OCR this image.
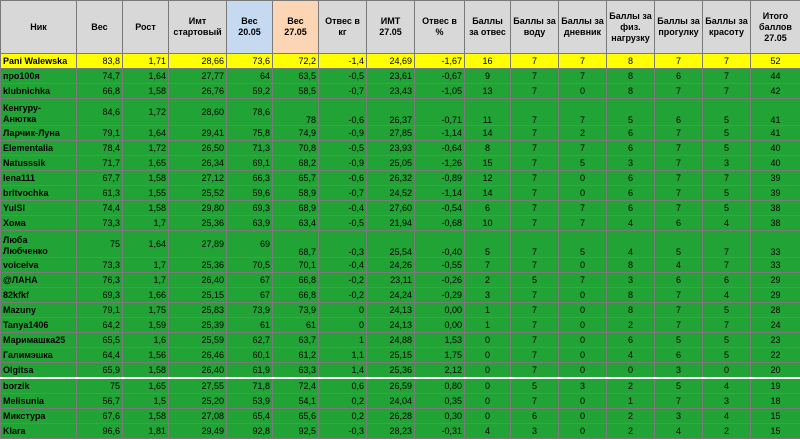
Ник	Вес	Рост	Имт стартовый	Вес 20.05	Вес 27.05	Отвес в кг	ИМТ 27.05	Отвес в %	Баллы за отвес	Баллы за воду	Баллы за дневник	Баллы за физ. нагрузку	Баллы за прогулку	Баллы за красоту	Итого баллов 27.05
Pani Walewska	83,8	1,71	28,66	73,6	72,2	-1,4	24,69	-1,67	16	7	7	8	7	7	52
про100я	74,7	1,64	27,77	64	63,5	-0,5	23,61	-0,67	9	7	7	8	6	7	44
klubnichka	66,8	1,58	26,76	59,2	58,5	-0,7	23,43	-1,05	13	7	0	8	7	7	42
Кенгуру-Анютка	84,6	1,72	28,60	78,6	78	-0,6	26,37	-0,71	11	7	7	5	6	5	41
Ларчик-Луна	79,1	1,64	29,41	75,8	74,9	-0,9	27,85	-1,14	14	7	2	6	7	5	41
Elementalia	78,4	1,72	26,50	71,3	70,8	-0,5	23,93	-0,64	8	7	7	6	7	5	40
Natusssik	71,7	1,65	26,34	69,1	68,2	-0,9	25,05	-1,26	15	7	5	3	7	3	40
lena111	67,7	1,58	27,12	66,3	65,7	-0,6	26,32	-0,89	12	7	0	6	7	7	39
britvochka	61,3	1,55	25,52	59,6	58,9	-0,7	24,52	-1,14	14	7	0	6	7	5	39
YulSl	74,4	1,58	29,80	69,3	68,9	-0,4	27,60	-0,54	6	7	7	6	7	5	38
Хома	73,3	1,7	25,36	63,9	63,4	-0,5	21,94	-0,68	10	7	7	4	6	4	38
Люба Любченко	75	1,64	27,89	69	68,7	-0,3	25,54	-0,40	5	7	5	4	5	7	33
voiceiva	73,3	1,7	25,36	70,5	70,1	-0,4	24,26	-0,55	7	7	0	8	4	7	33
@ЛАНА	76,3	1,7	26,40	67	66,8	-0,2	23,11	-0,26	2	5	7	3	6	6	29
82kfkf	69,3	1,66	25,15	67	66,8	-0,2	24,24	-0,29	3	7	0	8	7	4	29
Mazuny	79,1	1,75	25,83	73,9	73,9	0	24,13	0,00	1	7	0	8	7	5	28
Tanya1406	64,2	1,59	25,39	61	61	0	24,13	0,00	1	7	0	2	7	7	24
Маримашка25	65,5	1,6	25,59	62,7	63,7	1	24,88	1,53	0	7	0	6	5	5	23
Галимэшка	64,4	1,56	26,46	60,1	61,2	1,1	25,15	1,75	0	7	0	4	6	5	22
Olgitsa	65,9	1,58	26,40	61,9	63,3	1,4	25,36	2,12	0	7	0	0	3	0	20
borzik	75	1,65	27,55	71,8	72,4	0,6	26,59	0,80	0	5	3	2	5	4	19
Melisunia	56,7	1,5	25,20	53,9	54,1	0,2	24,04	0,35	0	7	0	1	7	3	18
Микстура	67,6	1,58	27,08	65,4	65,6	0,2	26,28	0,30	0	6	0	2	3	4	15
Klara	96,6	1,81	29,49	92,8	92,5	-0,3	28,23	-0,31	4	3	0	2	4	2	15
